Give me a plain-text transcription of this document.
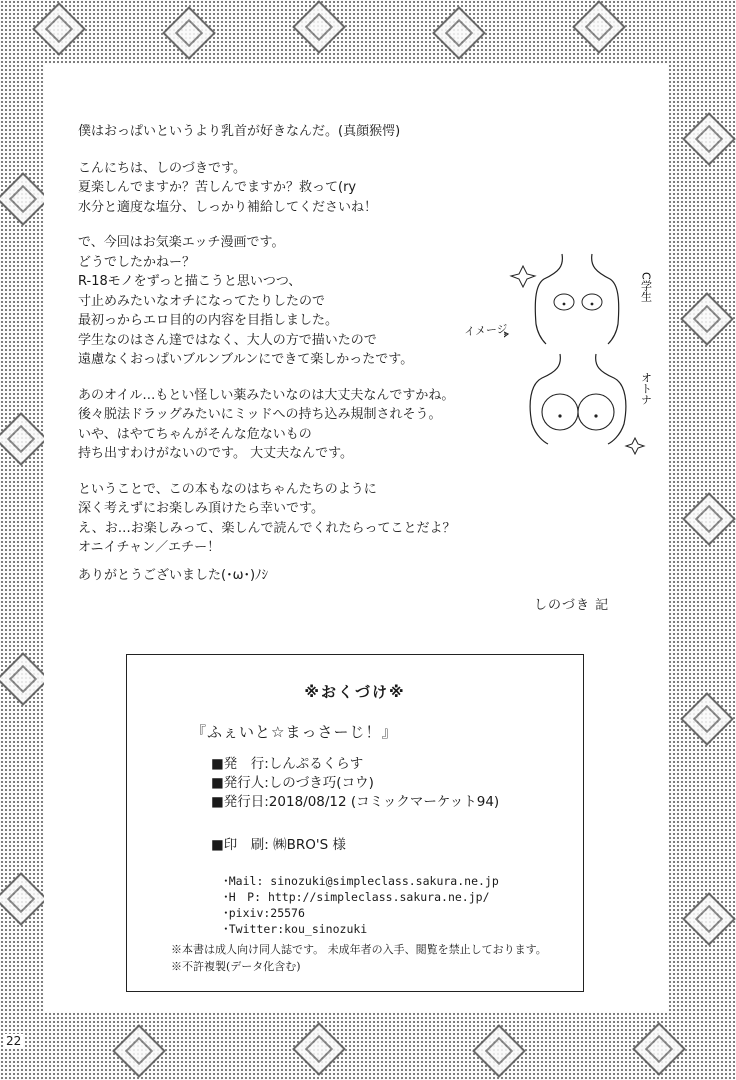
僕はおっぱいというより乳首が好きなんだ。(真顔猴愕)
こんにちは、しのづきです。
夏楽しんでますか？苦しんでますか？救って(ry
水分と適度な塩分、しっかり補給してくださいね！
で、今回はお気楽エッチ漫画です。
どうでしたかねー？
R-18モノをずっと描こうと思いつつ、
寸止めみたいなオチになってたりしたので
最初っからエロ目的の内容を目指しました。
学生なのはさん達ではなく、大人の方で描いたので
遠慮なくおっぱいブルンブルンにできて楽しかったです。
あのオイル…もとい怪しい薬みたいなのは大丈夫なんですかね。
後々脱法ドラッグみたいにミッドへの持ち込み規制されそう。
いや、はやてちゃんがそんな危ないもの
持ち出すわけがないのです。 大丈夫なんです。
ということで、この本もなのはちゃんたちのように
深く考えずにお楽しみ頂けたら幸いです。
え、お…お楽しみって、楽しんで読んでくれたらってことだよ？
オニイチャン／エチー！
イメージ
C学生
オトナ
ありがとうございました(･ω･)ﾉｼ
しのづき 記
※おくづけ※
『ふぇいと☆まっさーじ！』
■発　行:しんぷるくらす
■発行人:しのづき巧(コウ)
■発行日:2018/08/12 (コミックマーケット94)
■印　刷: ㈱BRO'S 様
･Mail: sinozuki@simpleclass.sakura.ne.jp
･H　P: http://simpleclass.sakura.ne.jp/
･pixiv:25576
･Twitter:kou_sinozuki
※本書は成人向け同人誌です。 未成年者の入手、閲覧を禁止しております。
※不許複製(データ化含む)
22
